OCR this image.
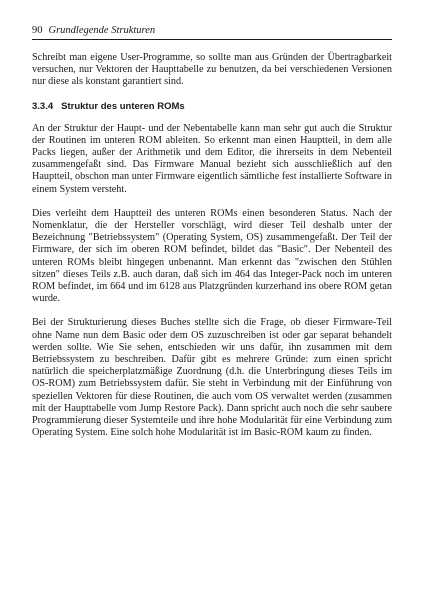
90 Grundlegende Strukturen

Schreibt man eigene User-Programme, so sollte man aus Gründen der Übertragbarkeit versuchen, nur Vektoren der Haupttabelle zu benutzen, da bei verschiedenen Versionen nur diese als konstant garantiert sind.

3.3.4 Struktur des unteren ROMs

An der Struktur der Haupt- und der Nebentabelle kann man sehr gut auch die Struktur der Routinen im unteren ROM ableiten. So erkennt man einen Hauptteil, in dem alle Packs liegen, außer der Arithmetik und dem Editor, die ihrerseits in dem Nebenteil zusammengefaßt sind. Das Firmware Manual bezieht sich ausschließlich auf den Hauptteil, obschon man unter Firmware eigentlich sämtliche fest installierte Software in einem System versteht.

Dies verleiht dem Hauptteil des unteren ROMs einen besonderen Status. Nach der Nomenklatur, die der Hersteller vorschlägt, wird dieser Teil deshalb unter der Bezeichnung "Betriebssystem" (Operating System, OS) zusammengefaßt. Der Teil der Firmware, der sich im oberen ROM befindet, bildet das "Basic". Der Nebenteil des unteren ROMs bleibt hingegen unbenannt. Man erkennt das "zwischen den Stühlen sitzen" dieses Teils z.B. auch daran, daß sich im 464 das Integer-Pack noch im unteren ROM befindet, im 664 und im 6128 aus Platzgründen kurzerhand ins obere ROM getan wurde.

Bei der Strukturierung dieses Buches stellte sich die Frage, ob dieser Firmware-Teil ohne Name nun dem Basic oder dem OS zuzuschreiben ist oder gar separat behandelt werden sollte. Wie Sie sehen, entschieden wir uns dafür, ihn zusammen mit dem Betriebssystem zu beschreiben. Dafür gibt es mehrere Gründe: zum einen spricht natürlich die speicherplatzmäßige Zuordnung (d.h. die Unterbringung dieses Teils im OS-ROM) zum Betriebssystem dafür. Sie steht in Verbindung mit der Einführung von speziellen Vektoren für diese Routinen, die auch vom OS verwaltet werden (zusammen mit der Haupttabelle vom Jump Restore Pack). Dann spricht auch noch die sehr saubere Programmierung dieser Systemteile und ihre hohe Modularität für eine Verbindung zum Operating System. Eine solch hohe Modularität ist im Basic-ROM kaum zu finden.
